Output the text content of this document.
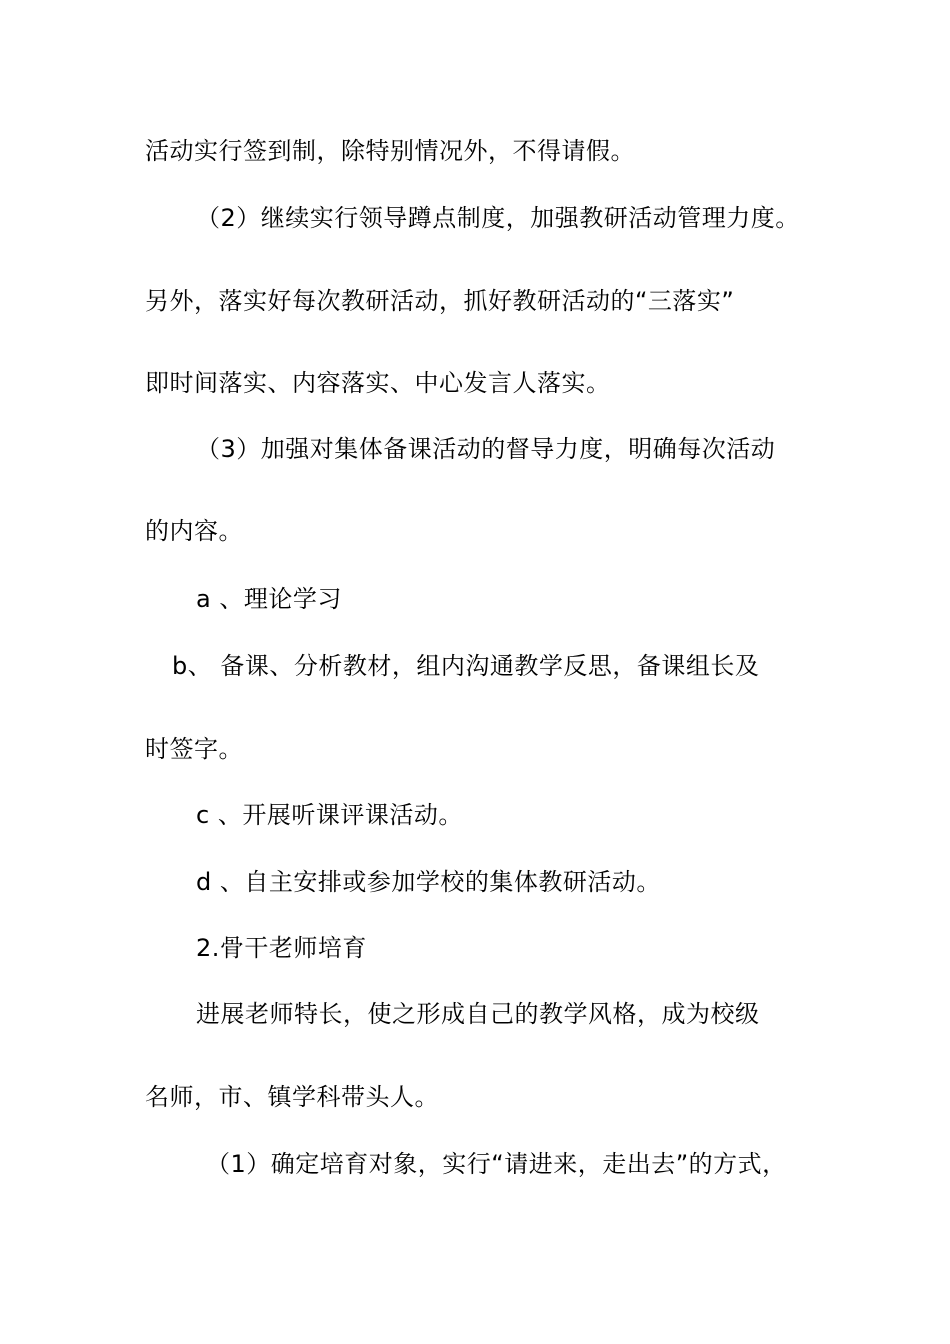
活动实行签到制，除特别情况外，不得请假。
（2）继续实行领导蹲点制度，加强教研活动管理力度。
另外，落实好每次教研活动，抓好教研活动的“三落实”
即时间落实、内容落实、中心发言人落实。
（3）加强对集体备课活动的督导力度，明确每次活动
的内容。
a 、理论学习
b、 备课、分析教材，组内沟通教学反思，备课组长及
时签字。
c 、开展听课评课活动。
d 、自主安排或参加学校的集体教研活动。
2.骨干老师培育
进展老师特长，使之形成自己的教学风格，成为校级
名师，市、镇学科带头人。
（1）确定培育对象，实行“请进来，走出去”的方式，
